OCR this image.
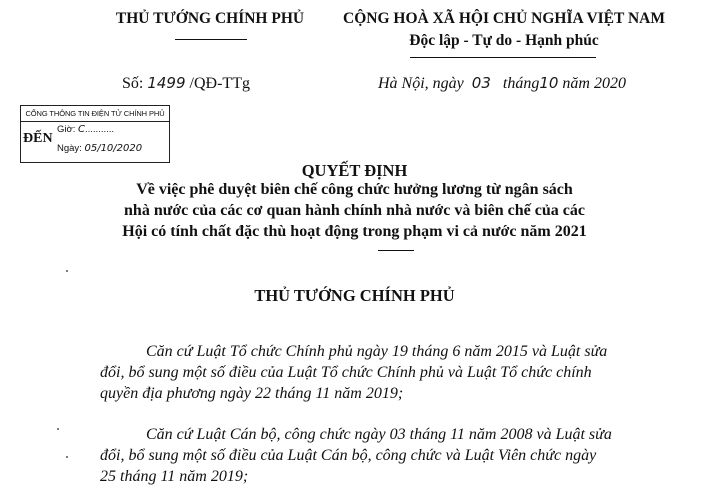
THỦ TƯỚNG CHÍNH PHỦ	CỘNG HOÀ XÃ HỘI CHỦ NGHĨA VIỆT NAM
Độc lập - Tự do - Hạnh phúc
Số: 1499 /QĐ-TTg	Hà Nội, ngày 03 tháng10 năm 2020
CỔNG THÔNG TIN ĐIỆN TỬ CHÍNH PHỦ
ĐẾN
Giờ: C...........
Ngày: 05/10/2020
QUYẾT ĐỊNH
Về việc phê duyệt biên chế công chức hưởng lương từ ngân sách
nhà nước của các cơ quan hành chính nhà nước và biên chế của các
Hội có tính chất đặc thù hoạt động trong phạm vi cả nước năm 2021
THỦ TƯỚNG CHÍNH PHỦ
Căn cứ Luật Tổ chức Chính phủ ngày 19 tháng 6 năm 2015 và Luật sửa
đổi, bổ sung một số điều của Luật Tổ chức Chính phủ và Luật Tổ chức chính
quyền địa phương ngày 22 tháng 11 năm 2019;
Căn cứ Luật Cán bộ, công chức ngày 03 tháng 11 năm 2008 và Luật sửa
đổi, bổ sung một số điều của Luật Cán bộ, công chức và Luật Viên chức ngày
25 tháng 11 năm 2019;
